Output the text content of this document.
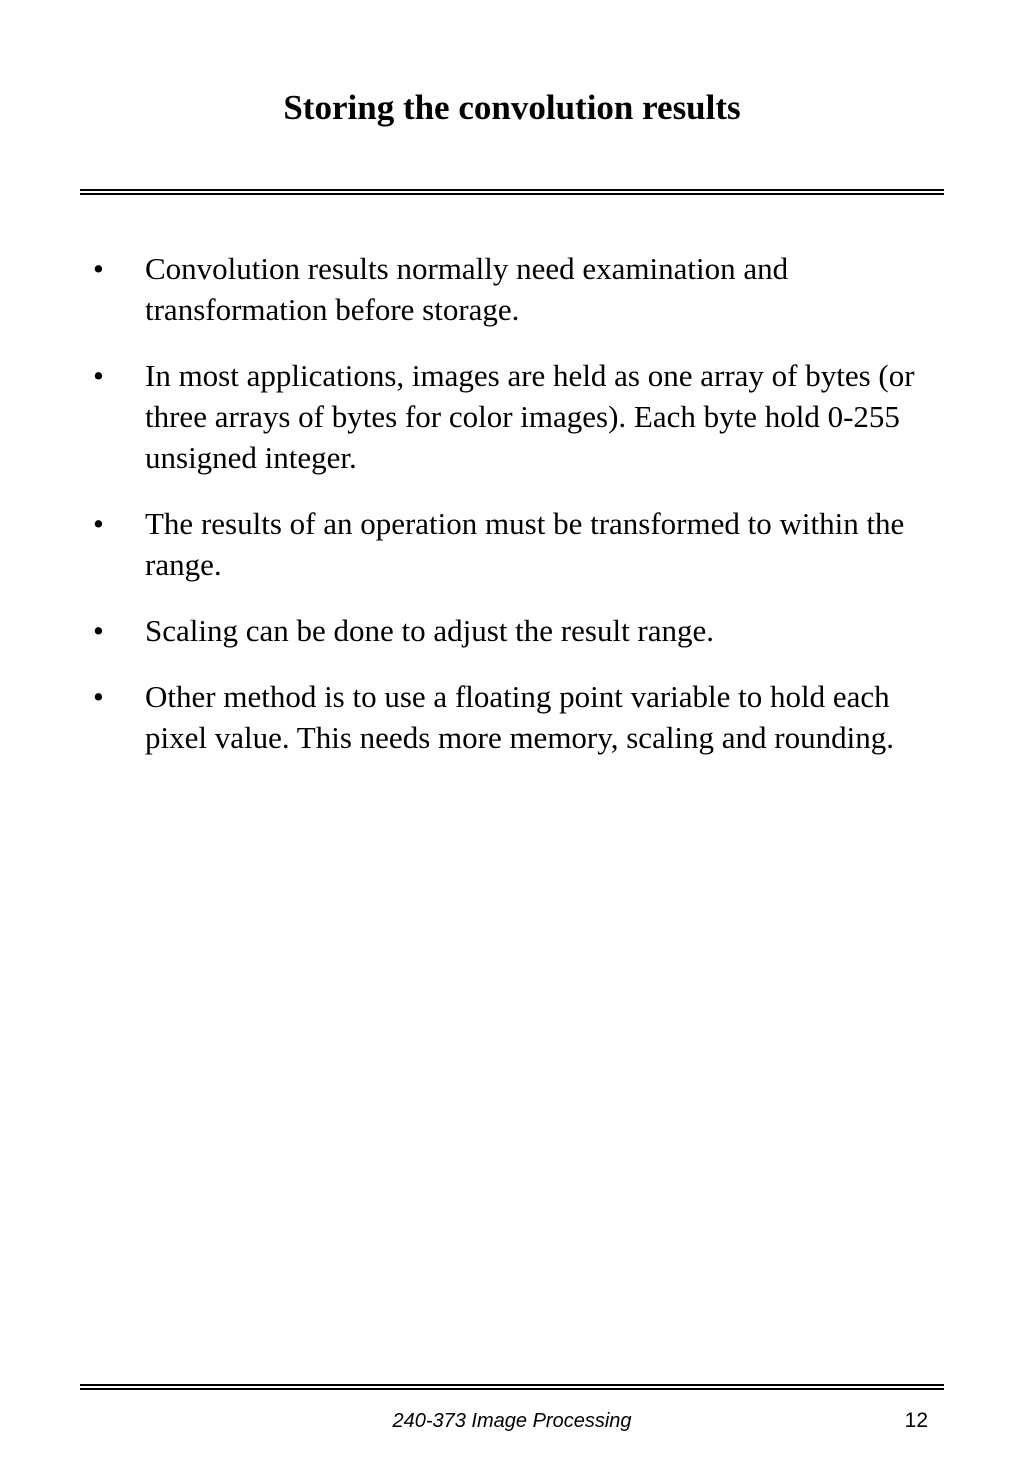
Storing the convolution results
• Convolution results normally need examination and transformation before storage.
• In most applications, images are held as one array of bytes (or three arrays of bytes for color images). Each byte hold 0-255 unsigned integer.
• The results of an operation must be transformed to within the range.
• Scaling can be done to adjust the result range.
• Other method is to use a floating point variable to hold each pixel value. This needs more memory, scaling and rounding.
240-373 Image Processing	12
